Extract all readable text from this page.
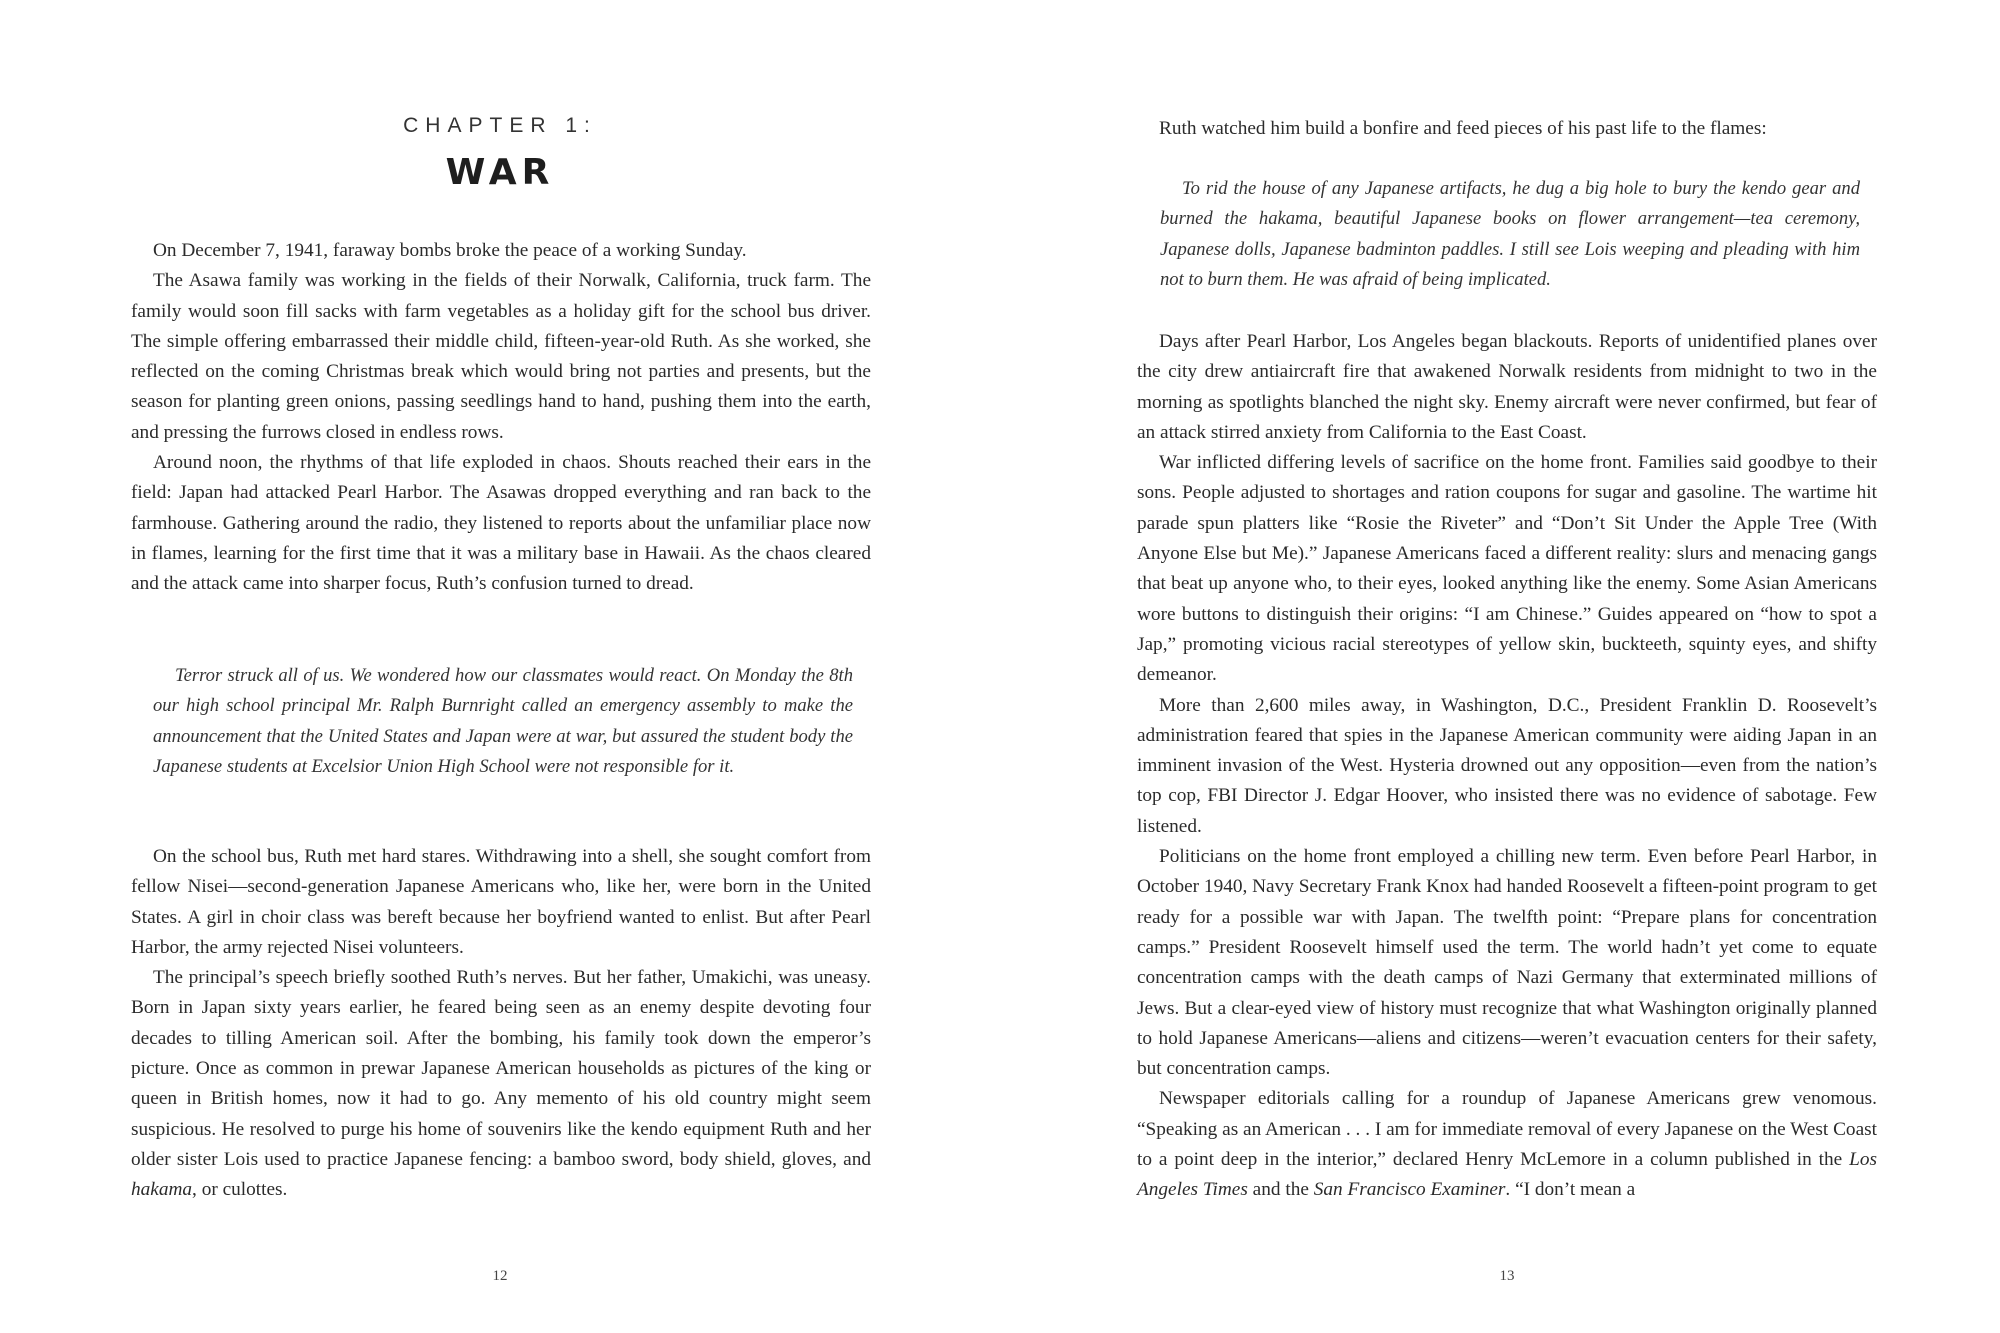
CHAPTER 1:
WAR

On December 7, 1941, faraway bombs broke the peace of a working Sunday.

The Asawa family was working in the fields of their Norwalk, California, truck farm. The family would soon fill sacks with farm vegetables as a holiday gift for the school bus driver. The simple offering embarrassed their middle child, fifteen-year-old Ruth. As she worked, she reflected on the coming Christmas break which would bring not parties and presents, but the season for planting green onions, passing seedlings hand to hand, pushing them into the earth, and pressing the furrows closed in endless rows.

Around noon, the rhythms of that life exploded in chaos. Shouts reached their ears in the field: Japan had attacked Pearl Harbor. The Asawas dropped everything and ran back to the farmhouse. Gathering around the radio, they listened to reports about the unfamiliar place now in flames, learning for the first time that it was a military base in Hawaii. As the chaos cleared and the attack came into sharper focus, Ruth’s confusion turned to dread.

Terror struck all of us. We wondered how our classmates would react. On Monday the 8th our high school principal Mr. Ralph Burnright called an emergency assembly to make the announcement that the United States and Japan were at war, but assured the student body the Japanese students at Excelsior Union High School were not responsible for it.

On the school bus, Ruth met hard stares. Withdrawing into a shell, she sought comfort from fellow Nisei—second-generation Japanese Americans who, like her, were born in the United States. A girl in choir class was bereft because her boyfriend wanted to enlist. But after Pearl Harbor, the army rejected Nisei volunteers.

The principal’s speech briefly soothed Ruth’s nerves. But her father, Umakichi, was uneasy. Born in Japan sixty years earlier, he feared being seen as an enemy despite devoting four decades to tilling American soil. After the bombing, his family took down the emperor’s picture. Once as common in prewar Japanese American households as pictures of the king or queen in British homes, now it had to go. Any memento of his old country might seem suspicious. He resolved to purge his home of souvenirs like the kendo equipment Ruth and her older sister Lois used to practice Japanese fencing: a bamboo sword, body shield, gloves, and hakama, or culottes.

12

Ruth watched him build a bonfire and feed pieces of his past life to the flames:

To rid the house of any Japanese artifacts, he dug a big hole to bury the kendo gear and burned the hakama, beautiful Japanese books on flower arrangement—tea ceremony, Japanese dolls, Japanese badminton paddles. I still see Lois weeping and pleading with him not to burn them. He was afraid of being implicated.

Days after Pearl Harbor, Los Angeles began blackouts. Reports of unidentified planes over the city drew antiaircraft fire that awakened Norwalk residents from midnight to two in the morning as spotlights blanched the night sky. Enemy aircraft were never confirmed, but fear of an attack stirred anxiety from California to the East Coast.

War inflicted differing levels of sacrifice on the home front. Families said goodbye to their sons. People adjusted to shortages and ration coupons for sugar and gasoline. The wartime hit parade spun platters like “Rosie the Riveter” and “Don’t Sit Under the Apple Tree (With Anyone Else but Me).” Japanese Americans faced a different reality: slurs and menacing gangs that beat up anyone who, to their eyes, looked anything like the enemy. Some Asian Americans wore buttons to distinguish their origins: “I am Chinese.” Guides appeared on “how to spot a Jap,” promoting vicious racial stereotypes of yellow skin, buckteeth, squinty eyes, and shifty demeanor.

More than 2,600 miles away, in Washington, D.C., President Franklin D. Roosevelt’s administration feared that spies in the Japanese American community were aiding Japan in an imminent invasion of the West. Hysteria drowned out any opposition—even from the nation’s top cop, FBI Director J. Edgar Hoover, who insisted there was no evidence of sabotage. Few listened.

Politicians on the home front employed a chilling new term. Even before Pearl Harbor, in October 1940, Navy Secretary Frank Knox had handed Roosevelt a fifteen-point program to get ready for a possible war with Japan. The twelfth point: “Prepare plans for concentration camps.” President Roosevelt himself used the term. The world hadn’t yet come to equate concentration camps with the death camps of Nazi Germany that exterminated millions of Jews. But a clear-eyed view of history must recognize that what Washington originally planned to hold Japanese Americans—aliens and citizens—weren’t evacuation centers for their safety, but concentration camps.

Newspaper editorials calling for a roundup of Japanese Americans grew venomous. “Speaking as an American . . . I am for immediate removal of every Japanese on the West Coast to a point deep in the interior,” declared Henry McLemore in a column published in the Los Angeles Times and the San Francisco Examiner. “I don’t mean a

13
